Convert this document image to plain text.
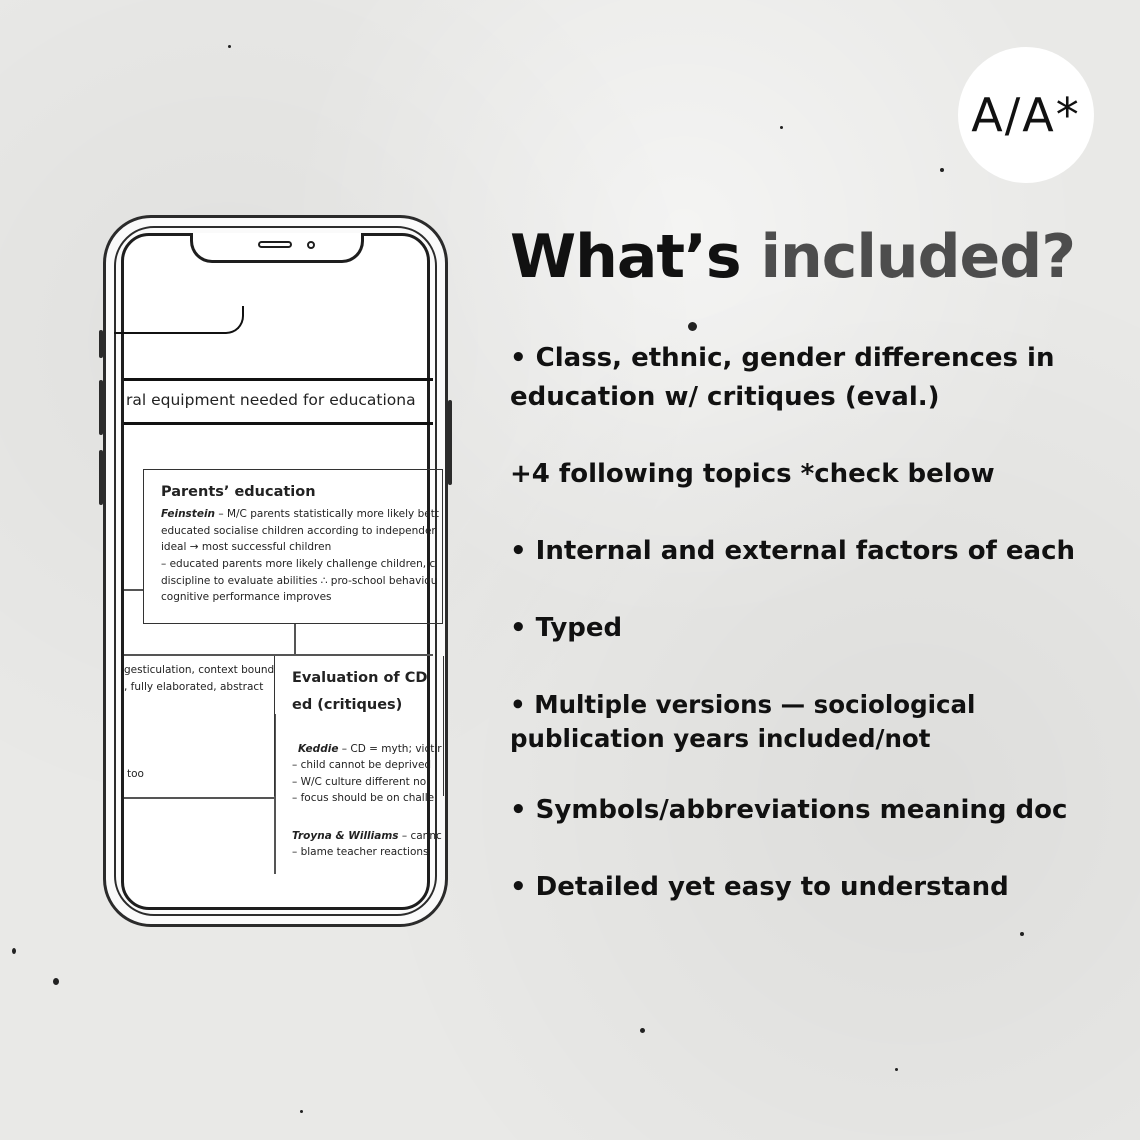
A/A*
What’s included?

• Class, ethnic, gender differences in education w/ critiques (eval.)

+4 following topics *check below

• Internal and external factors of each

• Typed

• Multiple versions — sociological publication years included/not

• Symbols/abbreviations meaning doc

• Detailed yet easy to understand

ral equipment needed for educationa
Parents’ education
Feinstein – M/C parents statistically more likely bett
educated socialise children according to independer
ideal → most successful children
– educated parents more likely challenge children, c
discipline to evaluate abilities ∴ pro-school behaviou
cognitive performance improves
gesticulation, context bound
, fully elaborated, abstract
too
Evaluation of CD
ed (critiques)
Keddie – CD = myth; victir
– child cannot be deprived
– W/C culture different no
– focus should be on challe
Troyna & Williams – cannc
– blame teacher reactions
